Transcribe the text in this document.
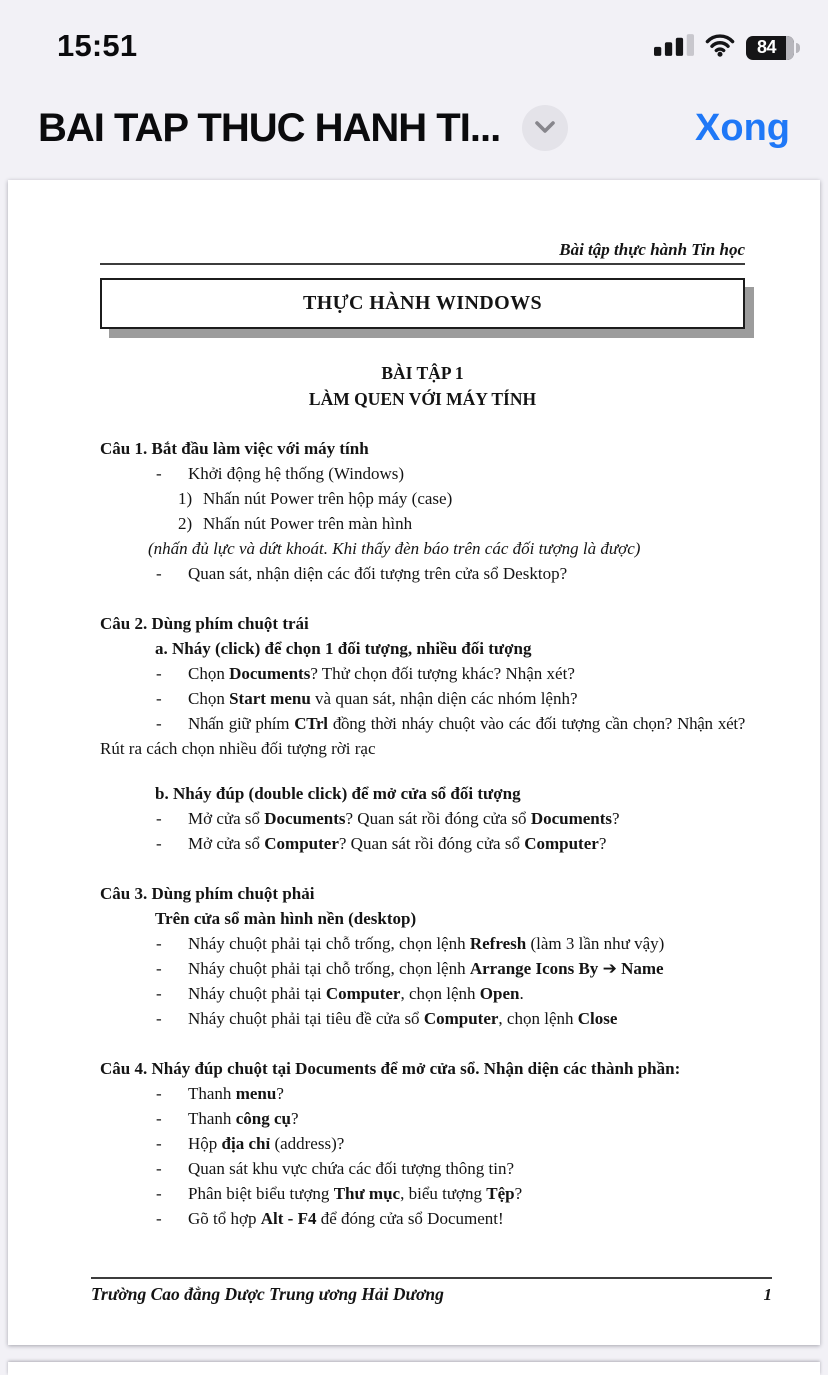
15:51	84
BAI TAP THUC HANH TI...	Xong
Bài tập thực hành Tin học
THỰC HÀNH WINDOWS
BÀI TẬP 1
LÀM QUEN VỚI MÁY TÍNH
Câu 1. Bắt đầu làm việc với máy tính
- Khởi động hệ thống (Windows)
1) Nhấn nút Power trên hộp máy (case)
2) Nhấn nút Power trên màn hình
(nhấn đủ lực và dứt khoát. Khi thấy đèn báo trên các đối tượng là được)
- Quan sát, nhận diện các đối tượng trên cửa sổ Desktop?
Câu 2. Dùng phím chuột trái
a. Nháy (click) để chọn 1 đối tượng, nhiều đối tượng
- Chọn Documents? Thử chọn đối tượng khác? Nhận xét?
- Chọn Start menu và quan sát, nhận diện các nhóm lệnh?
- Nhấn giữ phím CTrl đồng thời nháy chuột vào các đối tượng cần chọn? Nhận xét?
Rút ra cách chọn nhiều đối tượng rời rạc
b. Nháy đúp (double click) để mở cửa sổ đối tượng
- Mở cửa sổ Documents? Quan sát rồi đóng cửa sổ Documents?
- Mở cửa sổ Computer? Quan sát rồi đóng cửa sổ Computer?
Câu 3. Dùng phím chuột phải
Trên cửa sổ màn hình nền (desktop)
- Nháy chuột phải tại chỗ trống, chọn lệnh Refresh (làm 3 lần như vậy)
- Nháy chuột phải tại chỗ trống, chọn lệnh Arrange Icons By ➔ Name
- Nháy chuột phải tại Computer, chọn lệnh Open.
- Nháy chuột phải tại tiêu đề cửa sổ Computer, chọn lệnh Close
Câu 4. Nháy đúp chuột tại Documents để mở cửa sổ. Nhận diện các thành phần:
- Thanh menu?
- Thanh công cụ?
- Hộp địa chỉ (address)?
- Quan sát khu vực chứa các đối tượng thông tin?
- Phân biệt biểu tượng Thư mục, biểu tượng Tệp?
- Gõ tổ hợp Alt - F4 để đóng cửa sổ Document!
Trường Cao đẳng Dược Trung ương Hải Dương	1
